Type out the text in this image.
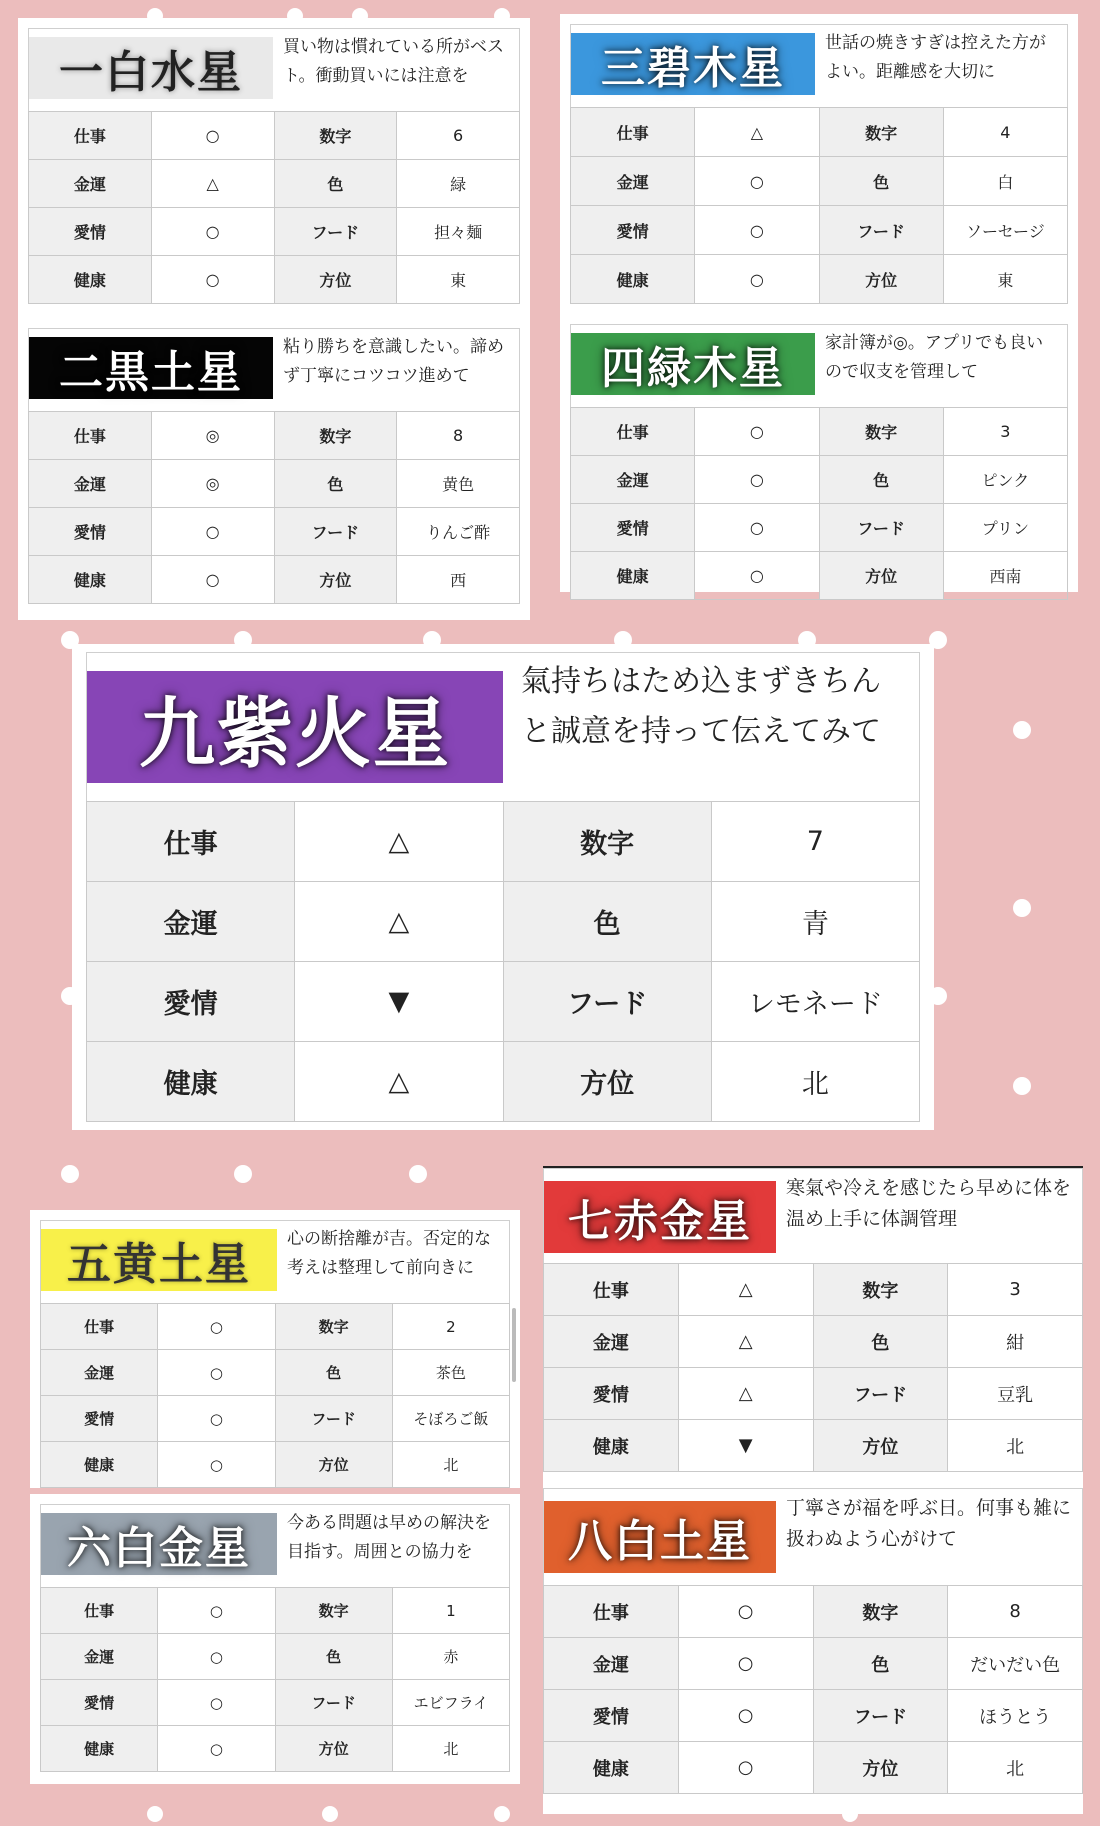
一白水星	買い物は慣れている所がベスト。衝動買いには注意を
仕事	○	数字	6
金運	△	色	緑
愛情	○	フード	担々麺
健康	○	方位	東
三碧木星	世話の焼きすぎは控えた方がよい。距離感を大切に
仕事	△	数字	4
金運	○	色	白
愛情	○	フード	ソーセージ
健康	○	方位	東
四緑木星	家計簿が◎。アプリでも良いので収支を管理して
仕事	○	数字	3
金運	○	色	ピンク
愛情	○	フード	プリン
健康	○	方位	西南
二黒土星	粘り勝ちを意識したい。諦めず丁寧にコツコツ進めて
仕事	◎	数字	8
金運	◎	色	黄色
愛情	○	フード	りんご酢
健康	○	方位	西
九紫火星
氣持ちはため込まずきちんと誠意を持って伝えてみて
仕事	△	数字	7
金運	△	色	青
愛情	▼	フード	レモネード
健康	△	方位	北
五黄土星	心の断捨離が吉。否定的な考えは整理して前向きに
仕事	○	数字	2
金運	○	色	茶色
愛情	○	フード	そぼろご飯
健康	○	方位	北
六白金星	今ある問題は早めの解決を目指す。周囲との協力を
仕事	○	数字	1
金運	○	色	赤
愛情	○	フード	エビフライ
健康	○	方位	北
七赤金星
寒氣や冷えを感じたら早めに体を温め上手に体調管理
仕事	△	数字	3
金運	△	色	紺
愛情	△	フード	豆乳
健康	▼	方位	北
八白土星
丁寧さが福を呼ぶ日。何事も雑に扱わぬよう心がけて
仕事	○	数字	8
金運	○	色	だいだい色
愛情	○	フード	ほうとう
健康	○	方位	北
